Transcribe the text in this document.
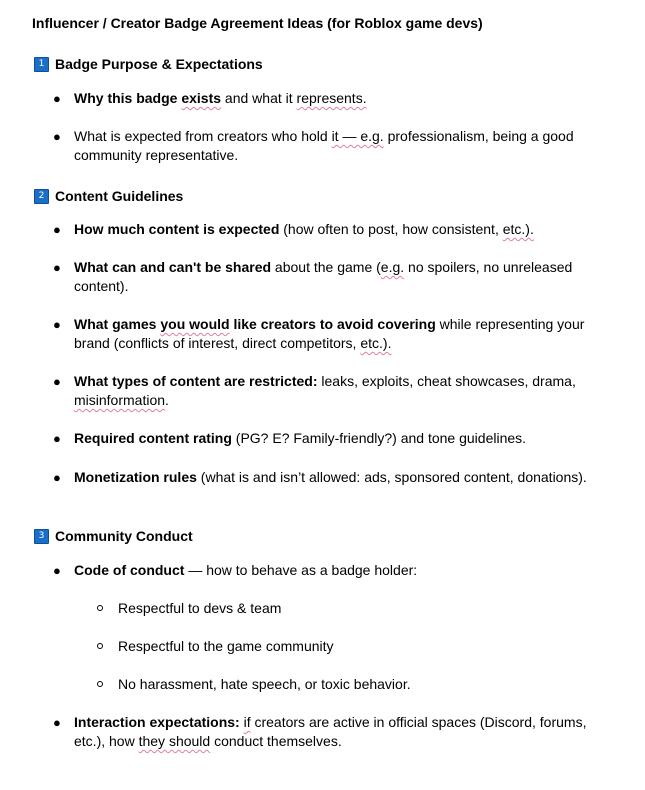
Influencer / Creator Badge Agreement Ideas (for Roblox game devs)
1 Badge Purpose & Expectations
● Why this badge exists and what it represents.
● What is expected from creators who hold it — e.g. professionalism, being a good community representative.
2 Content Guidelines
● How much content is expected (how often to post, how consistent, etc.).
● What can and can't be shared about the game (e.g. no spoilers, no unreleased content).
● What games you would like creators to avoid covering while representing your brand (conflicts of interest, direct competitors, etc.).
● What types of content are restricted: leaks, exploits, cheat showcases, drama, misinformation.
● Required content rating (PG? E? Family-friendly?) and tone guidelines.
● Monetization rules (what is and isn’t allowed: ads, sponsored content, donations).
3 Community Conduct
● Code of conduct — how to behave as a badge holder:
Respectful to devs & team
Respectful to the game community
No harassment, hate speech, or toxic behavior.
● Interaction expectations: if creators are active in official spaces (Discord, forums, etc.), how they should conduct themselves.
